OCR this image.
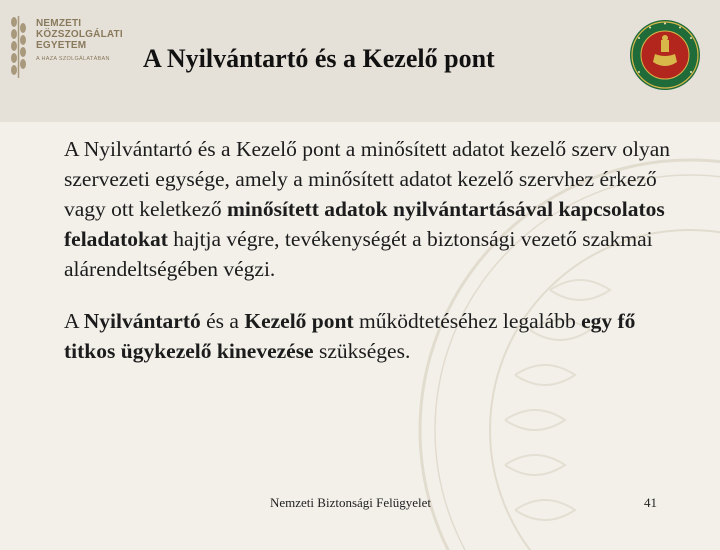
NEMZETI
KÖZSZOLGÁLATI
EGYETEM
A HAZA SZOLGÁLATÁBAN	A Nyilvántartó és a Kezelő pont

A Nyilvántartó és a Kezelő pont a minősített adatot kezelő szerv olyan szervezeti egysége, amely a minősített adatot kezelő szervhez érkező vagy ott keletkező minősített adatok nyilvántartásával kapcsolatos feladatokat hajtja végre, tevékenységét a biztonsági vezető szakmai alárendeltségében végzi.

A Nyilvántartó és a Kezelő pont működtetéséhez legalább egy fő titkos ügykezelő kinevezése szükséges.

Nemzeti Biztonsági Felügyelet	41
